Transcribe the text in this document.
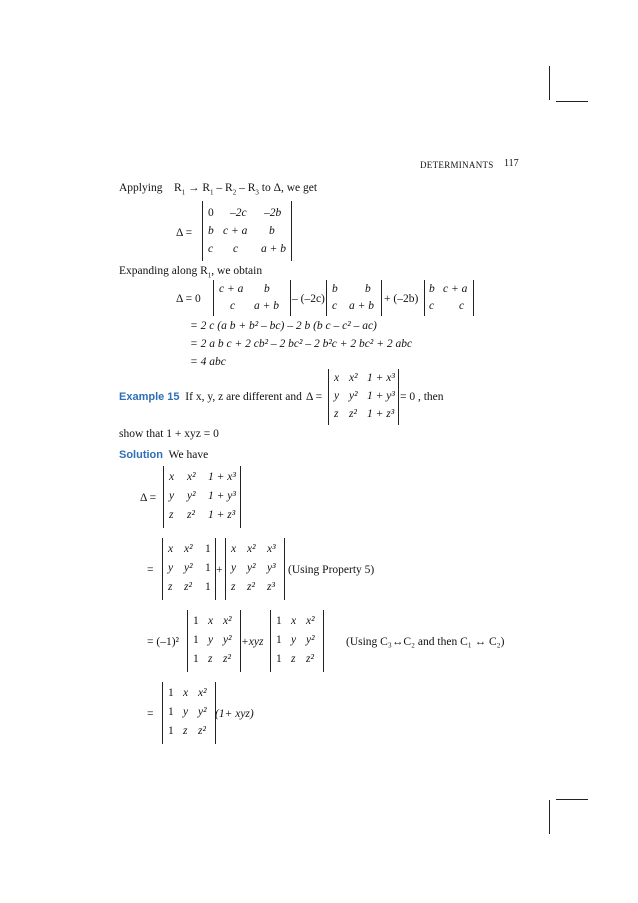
DETERMINANTS 117
Applying $R_1 \to R_1 - R_2 - R_3$ to Δ, we get
Δ =
0 –2c –2b
b c + a b
c c a + b
Expanding along $R_1$, we obtain
Δ = 0
c + a b
c a + b
– (–2c)
b b
c a + b
+ (–2b)
b c + a
c c
= 2 c (a b + b² – bc) – 2 b (b c – c² – ac)
= 2 a b c + 2 cb² – 2 bc² – 2 b²c + 2 bc² + 2 abc
= 4 abc
Example 15 If x, y, z are different and Δ =
x x² 1 + x³
y y² 1 + y³
z z² 1 + z³
= 0 , then
show that 1 + xyz = 0
Solution We have
Δ =
x x² 1 + x³
y y² 1 + y³
z z² 1 + z³
=
x x² 1
y y² 1
z z² 1
+
x x² x³
y y² y³
z z² z³
(Using Property 5)
= (–1)²
1 x x²
1 y y²
1 z z²
+xyz
1 x x²
1 y y²
1 z z²
(Using C₃↔C₂ and then C₁ ↔ C₂)
=
1 x x²
1 y y²
1 z z²
(1+ xyz)
